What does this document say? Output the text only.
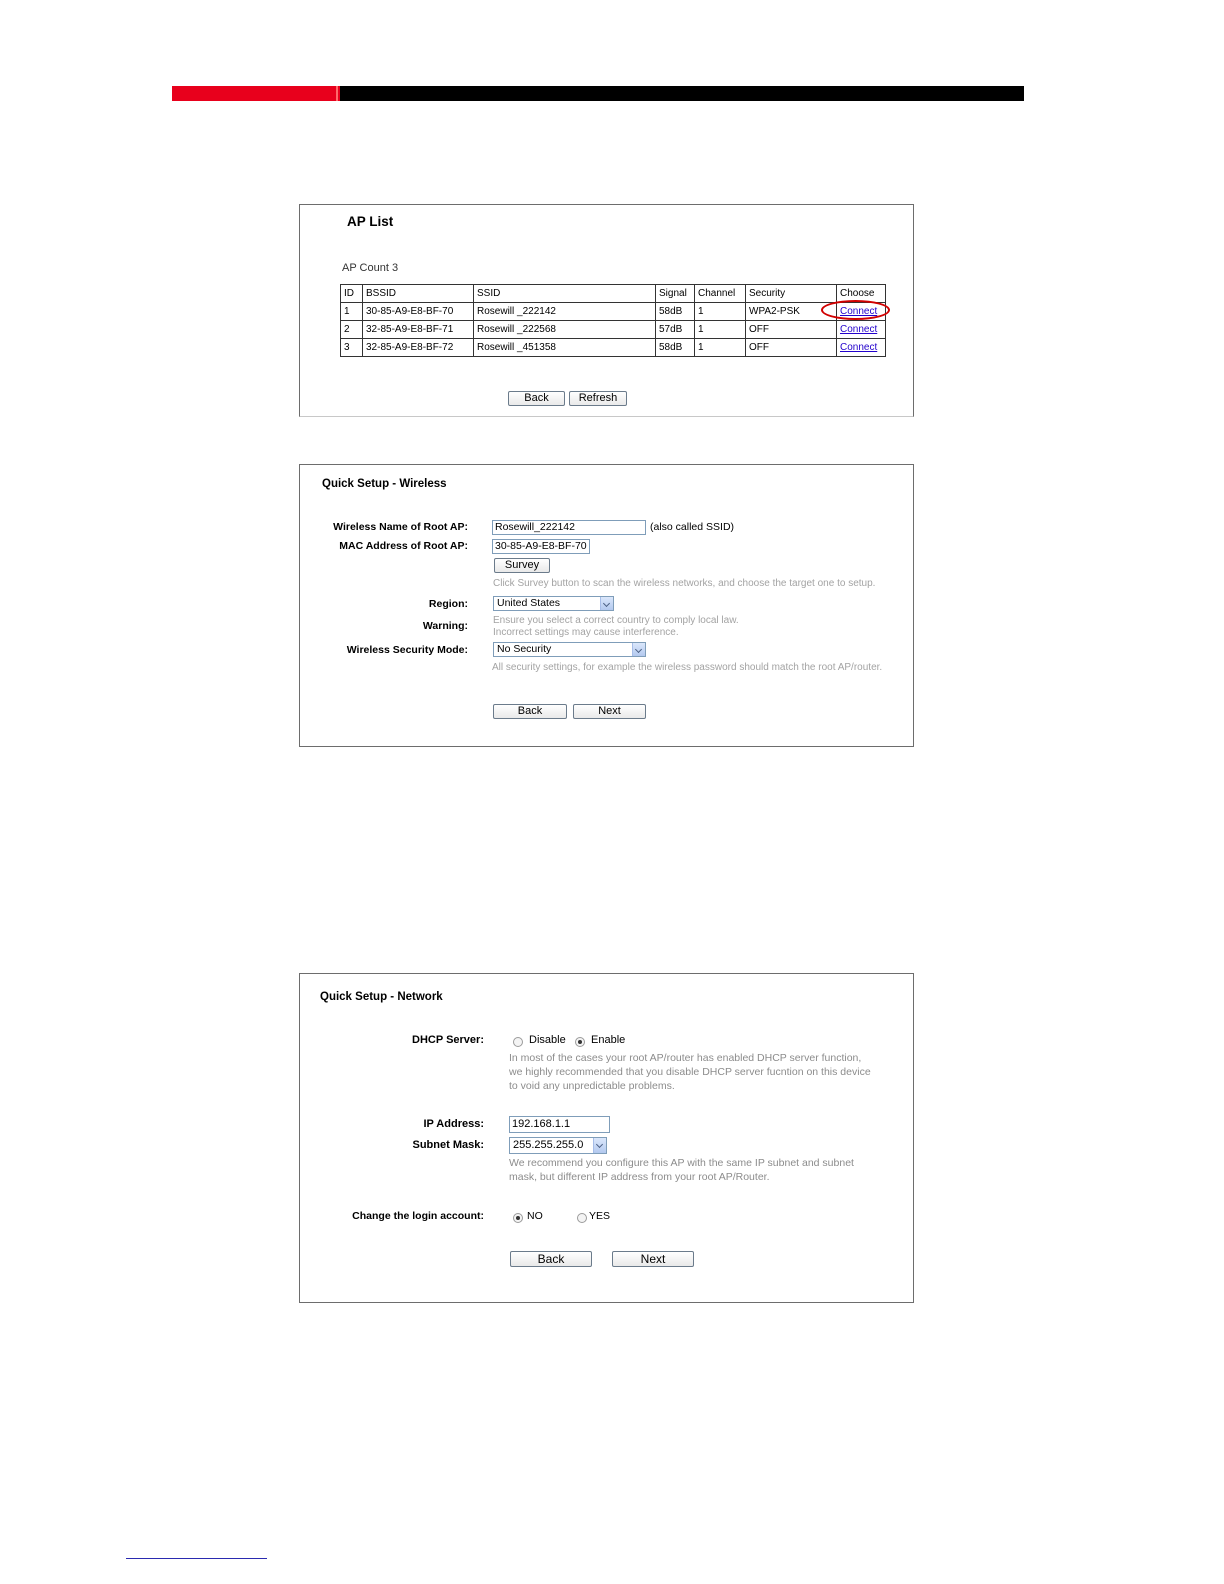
AP List
AP Count 3
ID	BSSID	SSID	Signal	Channel	Security	Choose
1	30-85-A9-E8-BF-70	Rosewill _222142	58dB	1	WPA2-PSK	Connect
2	32-85-A9-E8-BF-71	Rosewill _222568	57dB	1	OFF	Connect
3	32-85-A9-E8-BF-72	Rosewill _451358	58dB	1	OFF	Connect
Back	Refresh
Quick Setup - Wireless
Wireless Name of Root AP:	Rosewill_222142	(also called SSID)
MAC Address of Root AP:	30-85-A9-E8-BF-70
Survey
Click Survey button to scan the wireless networks, and choose the target one to setup.
Region:	United States
Warning:	Ensure you select a correct country to comply local law.
Incorrect settings may cause interference.
Wireless Security Mode:	No Security
All security settings, for example the wireless password should match the root AP/router.
Back	Next
Quick Setup - Network
DHCP Server:	Disable Enable
In most of the cases your root AP/router has enabled DHCP server function,
we highly recommended that you disable DHCP server fucntion on this device
to void any unpredictable problems.
IP Address:	192.168.1.1
Subnet Mask:	255.255.255.0
We recommend you configure this AP with the same IP subnet and subnet
mask, but different IP address from your root AP/Router.
Change the login account:	NO	YES
Back	Next
